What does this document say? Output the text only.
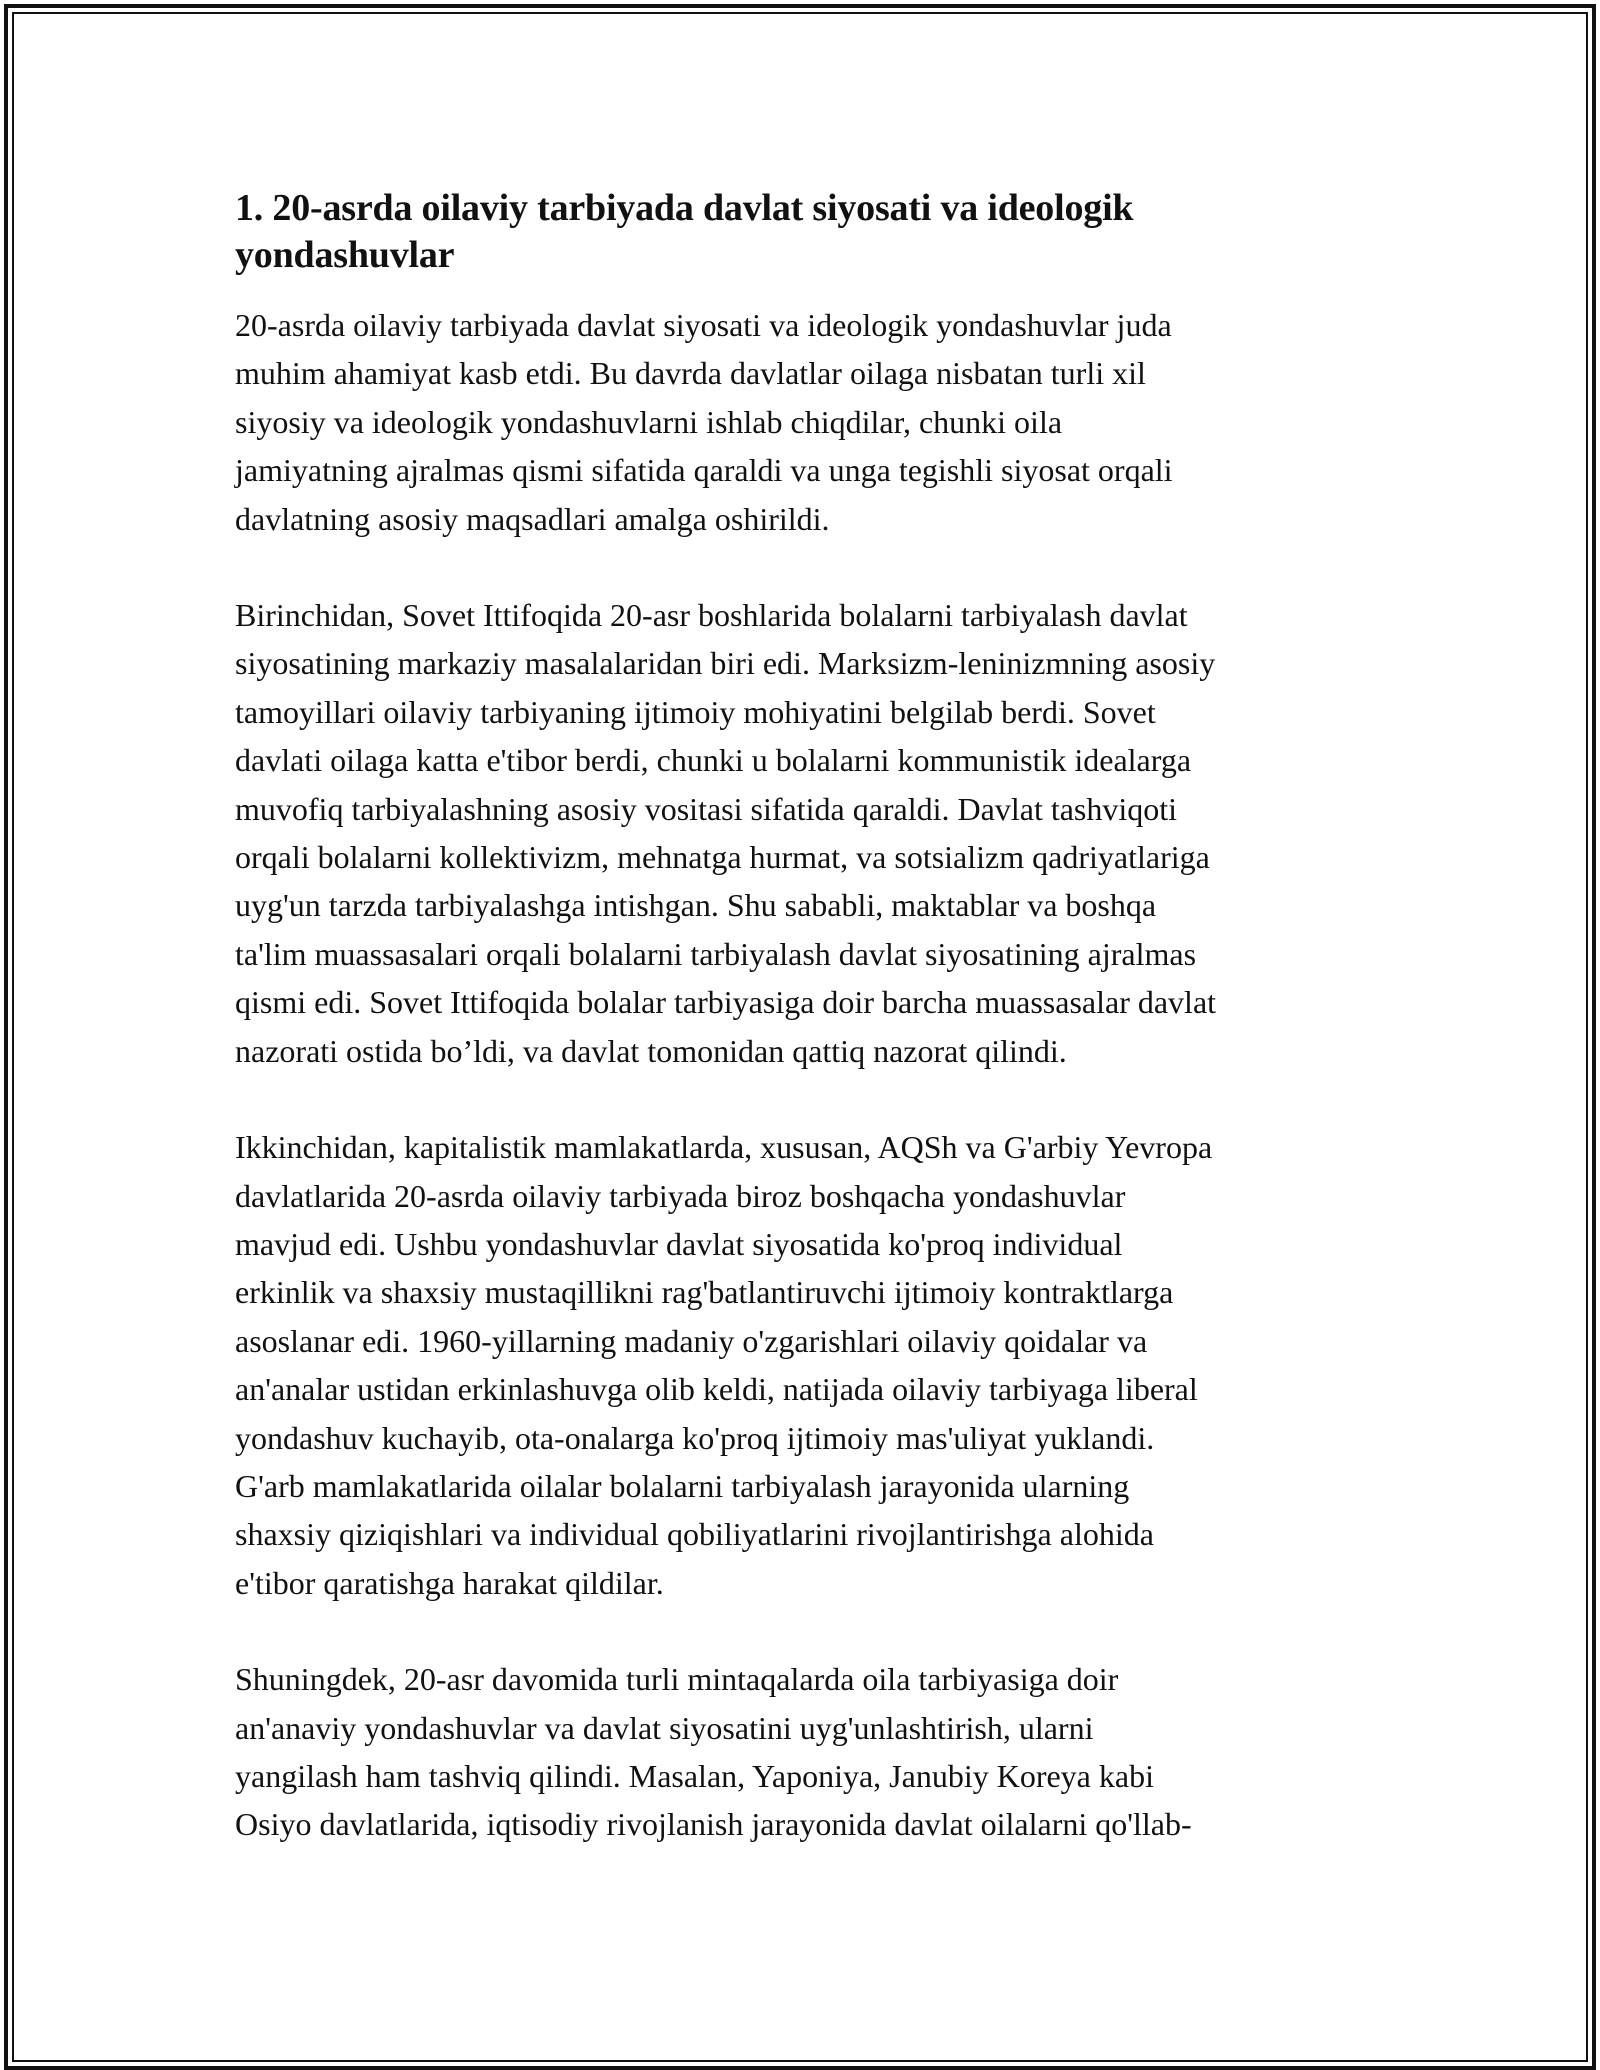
1. 20-asrda oilaviy tarbiyada davlat siyosati va ideologik
yondashuvlar

20-asrda oilaviy tarbiyada davlat siyosati va ideologik yondashuvlar juda
muhim ahamiyat kasb etdi. Bu davrda davlatlar oilaga nisbatan turli xil
siyosiy va ideologik yondashuvlarni ishlab chiqdilar, chunki oila
jamiyatning ajralmas qismi sifatida qaraldi va unga tegishli siyosat orqali
davlatning asosiy maqsadlari amalga oshirildi.

Birinchidan, Sovet Ittifoqida 20-asr boshlarida bolalarni tarbiyalash davlat
siyosatining markaziy masalalaridan biri edi. Marksizm-leninizmning asosiy
tamoyillari oilaviy tarbiyaning ijtimoiy mohiyatini belgilab berdi. Sovet
davlati oilaga katta e'tibor berdi, chunki u bolalarni kommunistik idealarga
muvofiq tarbiyalashning asosiy vositasi sifatida qaraldi. Davlat tashviqoti
orqali bolalarni kollektivizm, mehnatga hurmat, va sotsializm qadriyatlariga
uyg'un tarzda tarbiyalashga intishgan. Shu sababli, maktablar va boshqa
ta'lim muassasalari orqali bolalarni tarbiyalash davlat siyosatining ajralmas
qismi edi. Sovet Ittifoqida bolalar tarbiyasiga doir barcha muassasalar davlat
nazorati ostida bo’ldi, va davlat tomonidan qattiq nazorat qilindi.

Ikkinchidan, kapitalistik mamlakatlarda, xususan, AQSh va G'arbiy Yevropa
davlatlarida 20-asrda oilaviy tarbiyada biroz boshqacha yondashuvlar
mavjud edi. Ushbu yondashuvlar davlat siyosatida ko'proq individual
erkinlik va shaxsiy mustaqillikni rag'batlantiruvchi ijtimoiy kontraktlarga
asoslanar edi. 1960-yillarning madaniy o'zgarishlari oilaviy qoidalar va
an'analar ustidan erkinlashuvga olib keldi, natijada oilaviy tarbiyaga liberal
yondashuv kuchayib, ota-onalarga ko'proq ijtimoiy mas'uliyat yuklandi.
G'arb mamlakatlarida oilalar bolalarni tarbiyalash jarayonida ularning
shaxsiy qiziqishlari va individual qobiliyatlarini rivojlantirishga alohida
e'tibor qaratishga harakat qildilar.

Shuningdek, 20-asr davomida turli mintaqalarda oila tarbiyasiga doir
an'anaviy yondashuvlar va davlat siyosatini uyg'unlashtirish, ularni
yangilash ham tashviq qilindi. Masalan, Yaponiya, Janubiy Koreya kabi
Osiyo davlatlarida, iqtisodiy rivojlanish jarayonida davlat oilalarni qo'llab-
